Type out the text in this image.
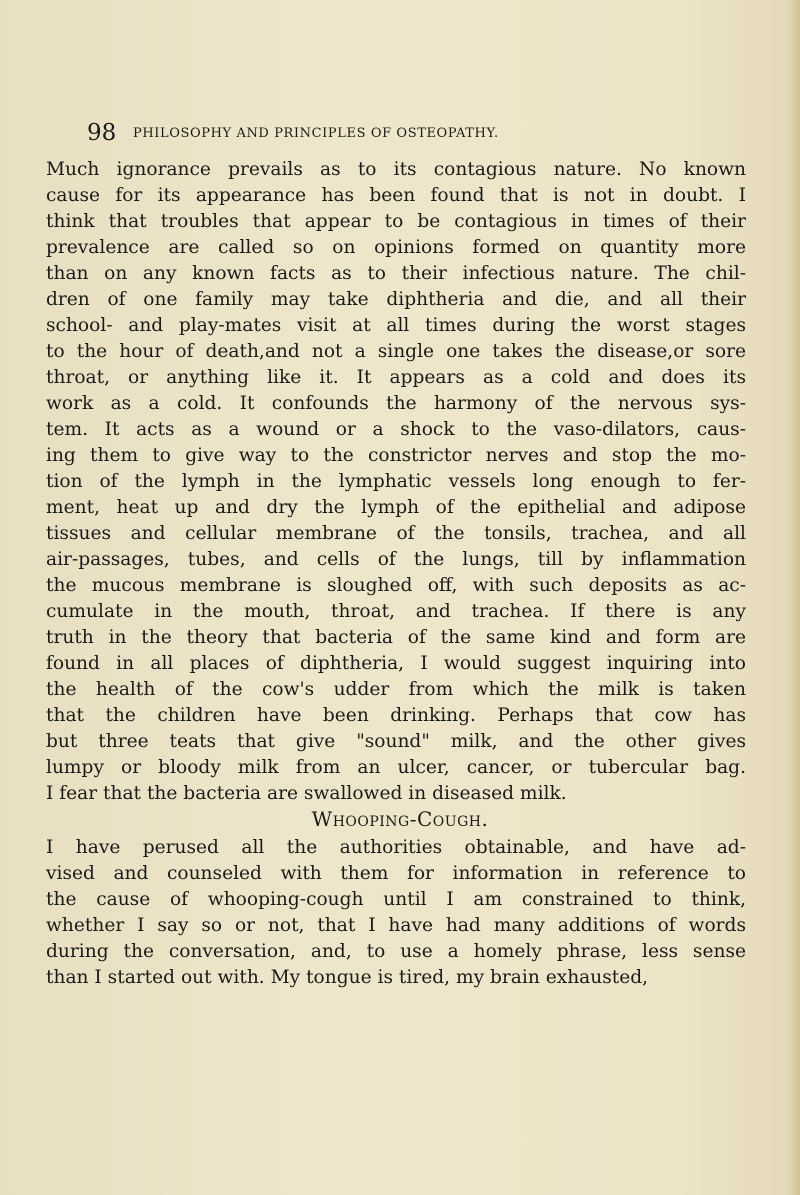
98 PHILOSOPHY AND PRINCIPLES OF OSTEOPATHY.
Much ignorance prevails as to its contagious nature. No known
cause for its appearance has been found that is not in doubt. I
think that troubles that appear to be contagious in times of their
prevalence are called so on opinions formed on quantity more
than on any known facts as to their infectious nature. The chil-
dren of one family may take diphtheria and die, and all their
school- and play-mates visit at all times during the worst stages
to the hour of death,and not a single one takes the disease,or sore
throat, or anything like it. It appears as a cold and does its
work as a cold. It confounds the harmony of the nervous sys-
tem. It acts as a wound or a shock to the vaso-dilators, caus-
ing them to give way to the constrictor nerves and stop the mo-
tion of the lymph in the lymphatic vessels long enough to fer-
ment, heat up and dry the lymph of the epithelial and adipose
tissues and cellular membrane of the tonsils, trachea, and all
air-passages, tubes, and cells of the lungs, till by inflammation
the mucous membrane is sloughed off, with such deposits as ac-
cumulate in the mouth, throat, and trachea. If there is any
truth in the theory that bacteria of the same kind and form are
found in all places of diphtheria, I would suggest inquiring into
the health of the cow's udder from which the milk is taken
that the children have been drinking. Perhaps that cow has
but three teats that give "sound" milk, and the other gives
lumpy or bloody milk from an ulcer, cancer, or tubercular bag.
I fear that the bacteria are swallowed in diseased milk.
Whooping-Cough.
I have perused all the authorities obtainable, and have ad-
vised and counseled with them for information in reference to
the cause of whooping-cough until I am constrained to think,
whether I say so or not, that I have had many additions of words
during the conversation, and, to use a homely phrase, less sense
than I started out with. My tongue is tired, my brain exhausted,
